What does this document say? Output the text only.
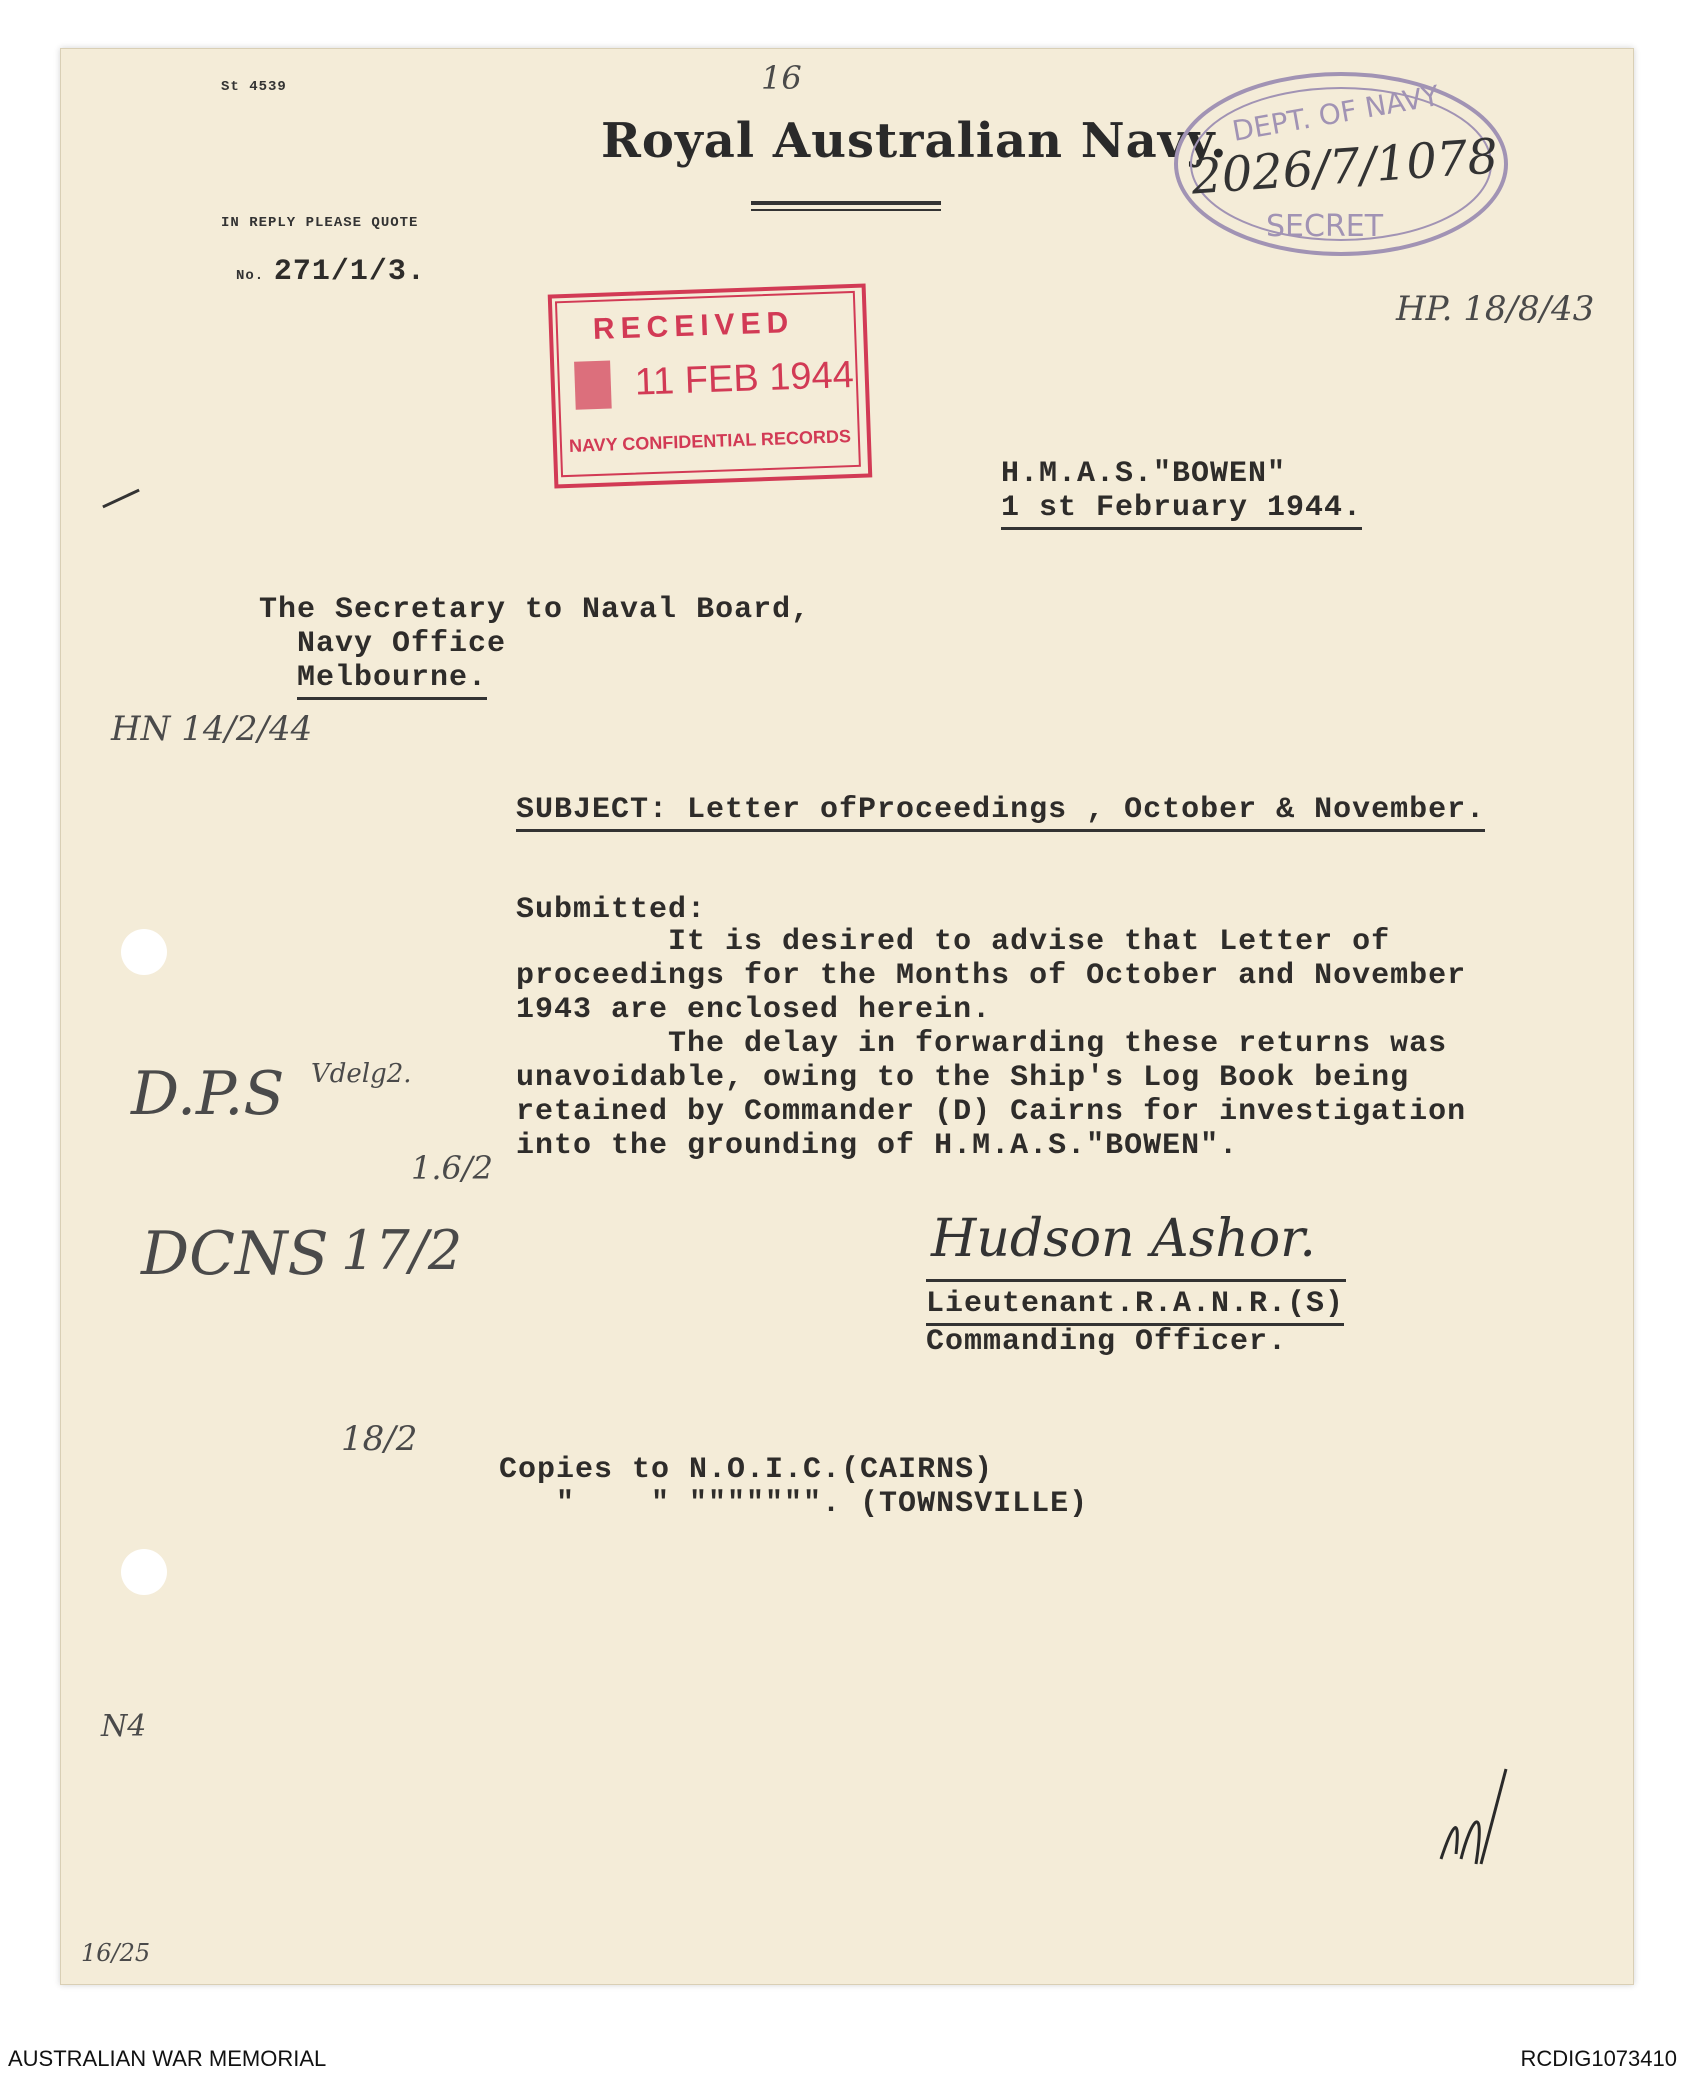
St 4539	16
Royal Australian Navy.
IN REPLY PLEASE QUOTE
No. 271/1/3.
DEPT. OF NAVY
2026/7/1078
SECRET
HP. 18/8/43
RECEIVED
11 FEB 1944
NAVY CONFIDENTIAL RECORDS
H.M.A.S."BOWEN"
1 st February 1944.
The Secretary to Naval Board,
Navy Office
Melbourne.
HN 14/2/44
D.P.S Vdelg2.
1.6/2
DCNS 17/2
18/2
N4
16/25
SUBJECT: Letter ofProceedings , October & November.
Submitted:
It is desired to advise that Letter of
proceedings for the Months of October and November
1943 are enclosed herein.
The delay in forwarding these returns was
unavoidable, owing to the Ship's Log Book being
retained by Commander (D) Cairns for investigation
into the grounding of H.M.A.S."BOWEN".
Hudson Ashor.
Lieutenant.R.A.N.R.(S)
Commanding Officer.
Copies to N.O.I.C.(CAIRNS)
"    " """"""". (TOWNSVILLE)
AUSTRALIAN WAR MEMORIAL	RCDIG1073410
